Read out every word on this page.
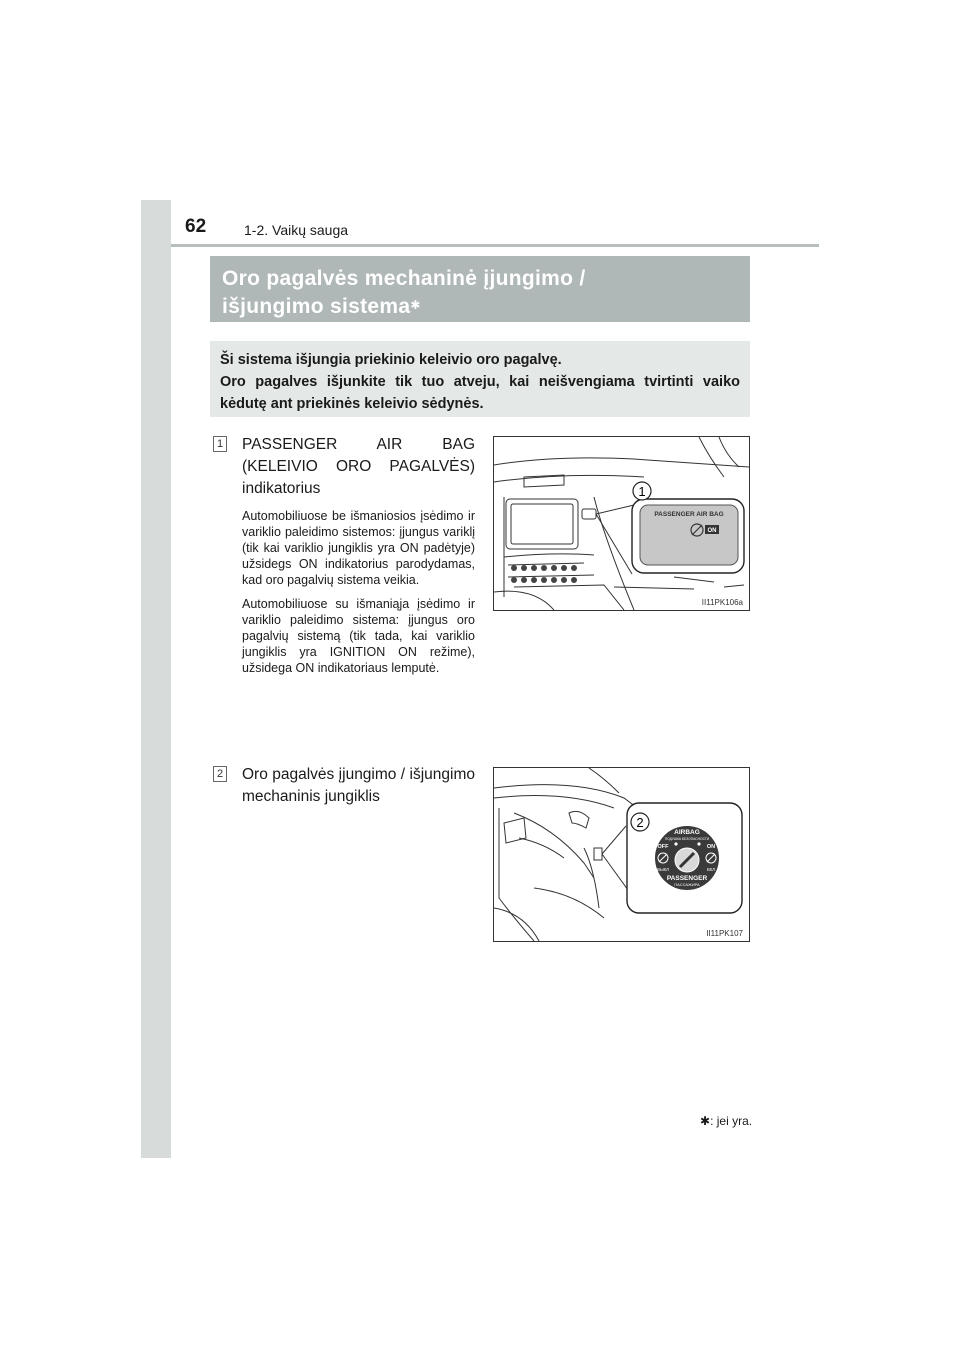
62	1-2. Vaikų sauga
Oro pagalvės mechaninė įjungimo /
išjungimo sistema✱

Ši sistema išjungia priekinio keleivio oro pagalvę.

Oro pagalves išjunkite tik tuo atveju, kai neišvengiama tvirtinti vaiko kėdutę ant priekinės keleivio sėdynės.

1 PASSENGER AIR BAG (KELEIVIO ORO PAGALVĖS) indikatorius
Automobiliuose be išmaniosios įsėdimo ir variklio paleidimo sistemos: įjungus variklį (tik kai variklio jungiklis yra ON padėtyje) užsidegs ON indikatorius parodydamas, kad oro pagalvių sistema veikia.
Automobiliuose su išmaniąja įsėdimo ir variklio paleidimo sistema: įjungus oro pagalvių sistemą (tik tada, kai variklio jungiklis yra IGNITION ON režime), užsidega ON indikatoriaus lemputė.
2 Oro pagalvės įjungimo / išjungimo mechaninis jungiklis
1
PASSENGER AIR BAG
ON
II11PK106a
2
AIRBAG
ПОДУШКА БЕЗОПАСНОСТИ
OFF	ON
ВЫКЛ	ВКЛ
PASSENGER
ПАССАЖИРА
II11PK107
✱: jei yra.
